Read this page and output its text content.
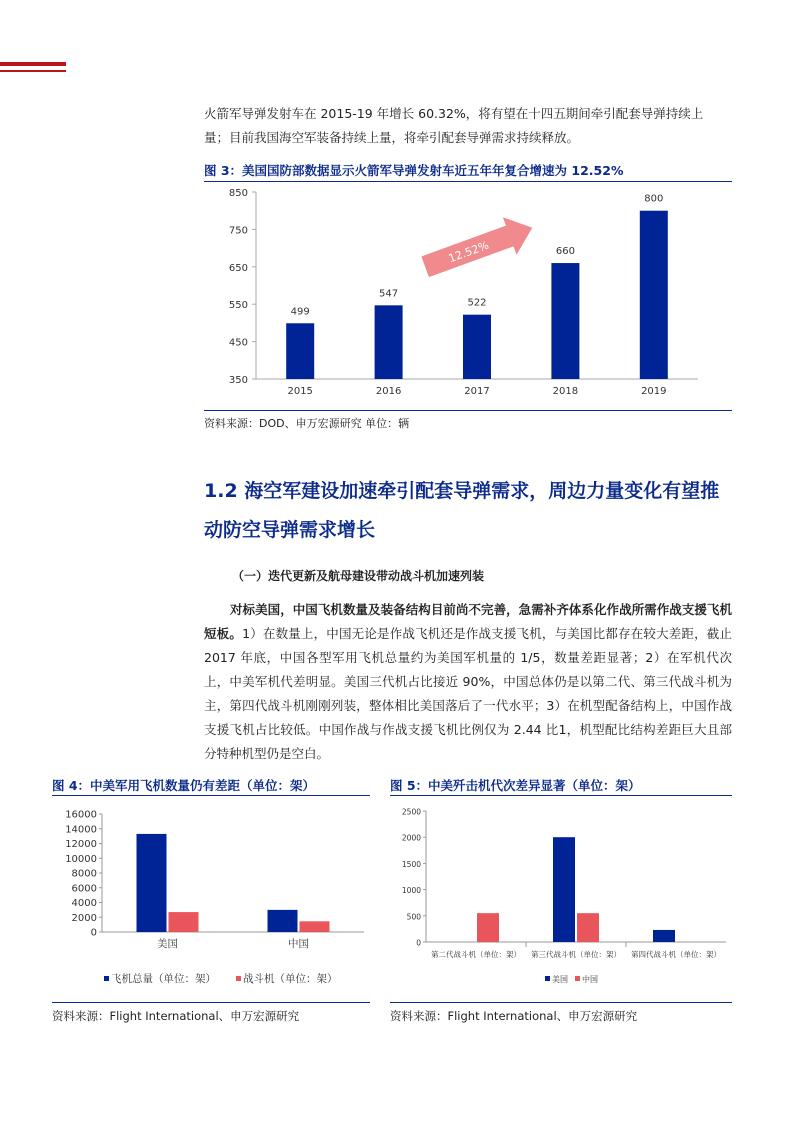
火箭军导弹发射车在 2015-19 年增长 60.32%，将有望在十四五期间牵引配套导弹持续上
量；目前我国海空军装备持续上量，将牵引配套导弹需求持续释放。

图 3：美国国防部数据显示火箭军导弹发射车近五年年复合增速为 12.52%
350
450
550
650
750
850
499
2015
547
2016
522
2017
660
2018
800
2019
12.52%
资料来源：DOD、申万宏源研究 单位：辆
1.2 海空军建设加速牵引配套导弹需求，周边力量变化有望推
动防空导弹需求增长
（一）迭代更新及航母建设带动战斗机加速列装

对标美国，中国飞机数量及装备结构目前尚不完善，急需补齐体系化作战所需作战支援飞机短板。1）在数量上，中国无论是作战飞机还是作战支援飞机，与美国比都存在较大差距，截止 2017 年底，中国各型军用飞机总量约为美国军机量的 1/5，数量差距显著；2）在军机代次上，中美军机代差明显。美国三代机占比接近 90%，中国总体仍是以第二代、第三代战斗机为主，第四代战斗机刚刚列装，整体相比美国落后了一代水平；3）在机型配备结构上，中国作战支援飞机占比较低。中国作战与作战支援飞机比例仅为 2.44 比1，机型配比结构差距巨大且部分特种机型仍是空白。

图 4：中美军用飞机数量仍有差距（单位：架）
0
2000
4000
6000
8000
10000
12000
14000
16000
美国	中国
飞机总量（单位：架）	战斗机（单位：架）
资料来源：Flight International、申万宏源研究
图 5：中美歼击机代次差异显著（单位：架）
0
500
1000
1500
2000
2500
第二代战斗机（单位：架） 第三代战斗机（单位：架） 第四代战斗机（单位：架）
美国 中国
资料来源：Flight International、申万宏源研究
